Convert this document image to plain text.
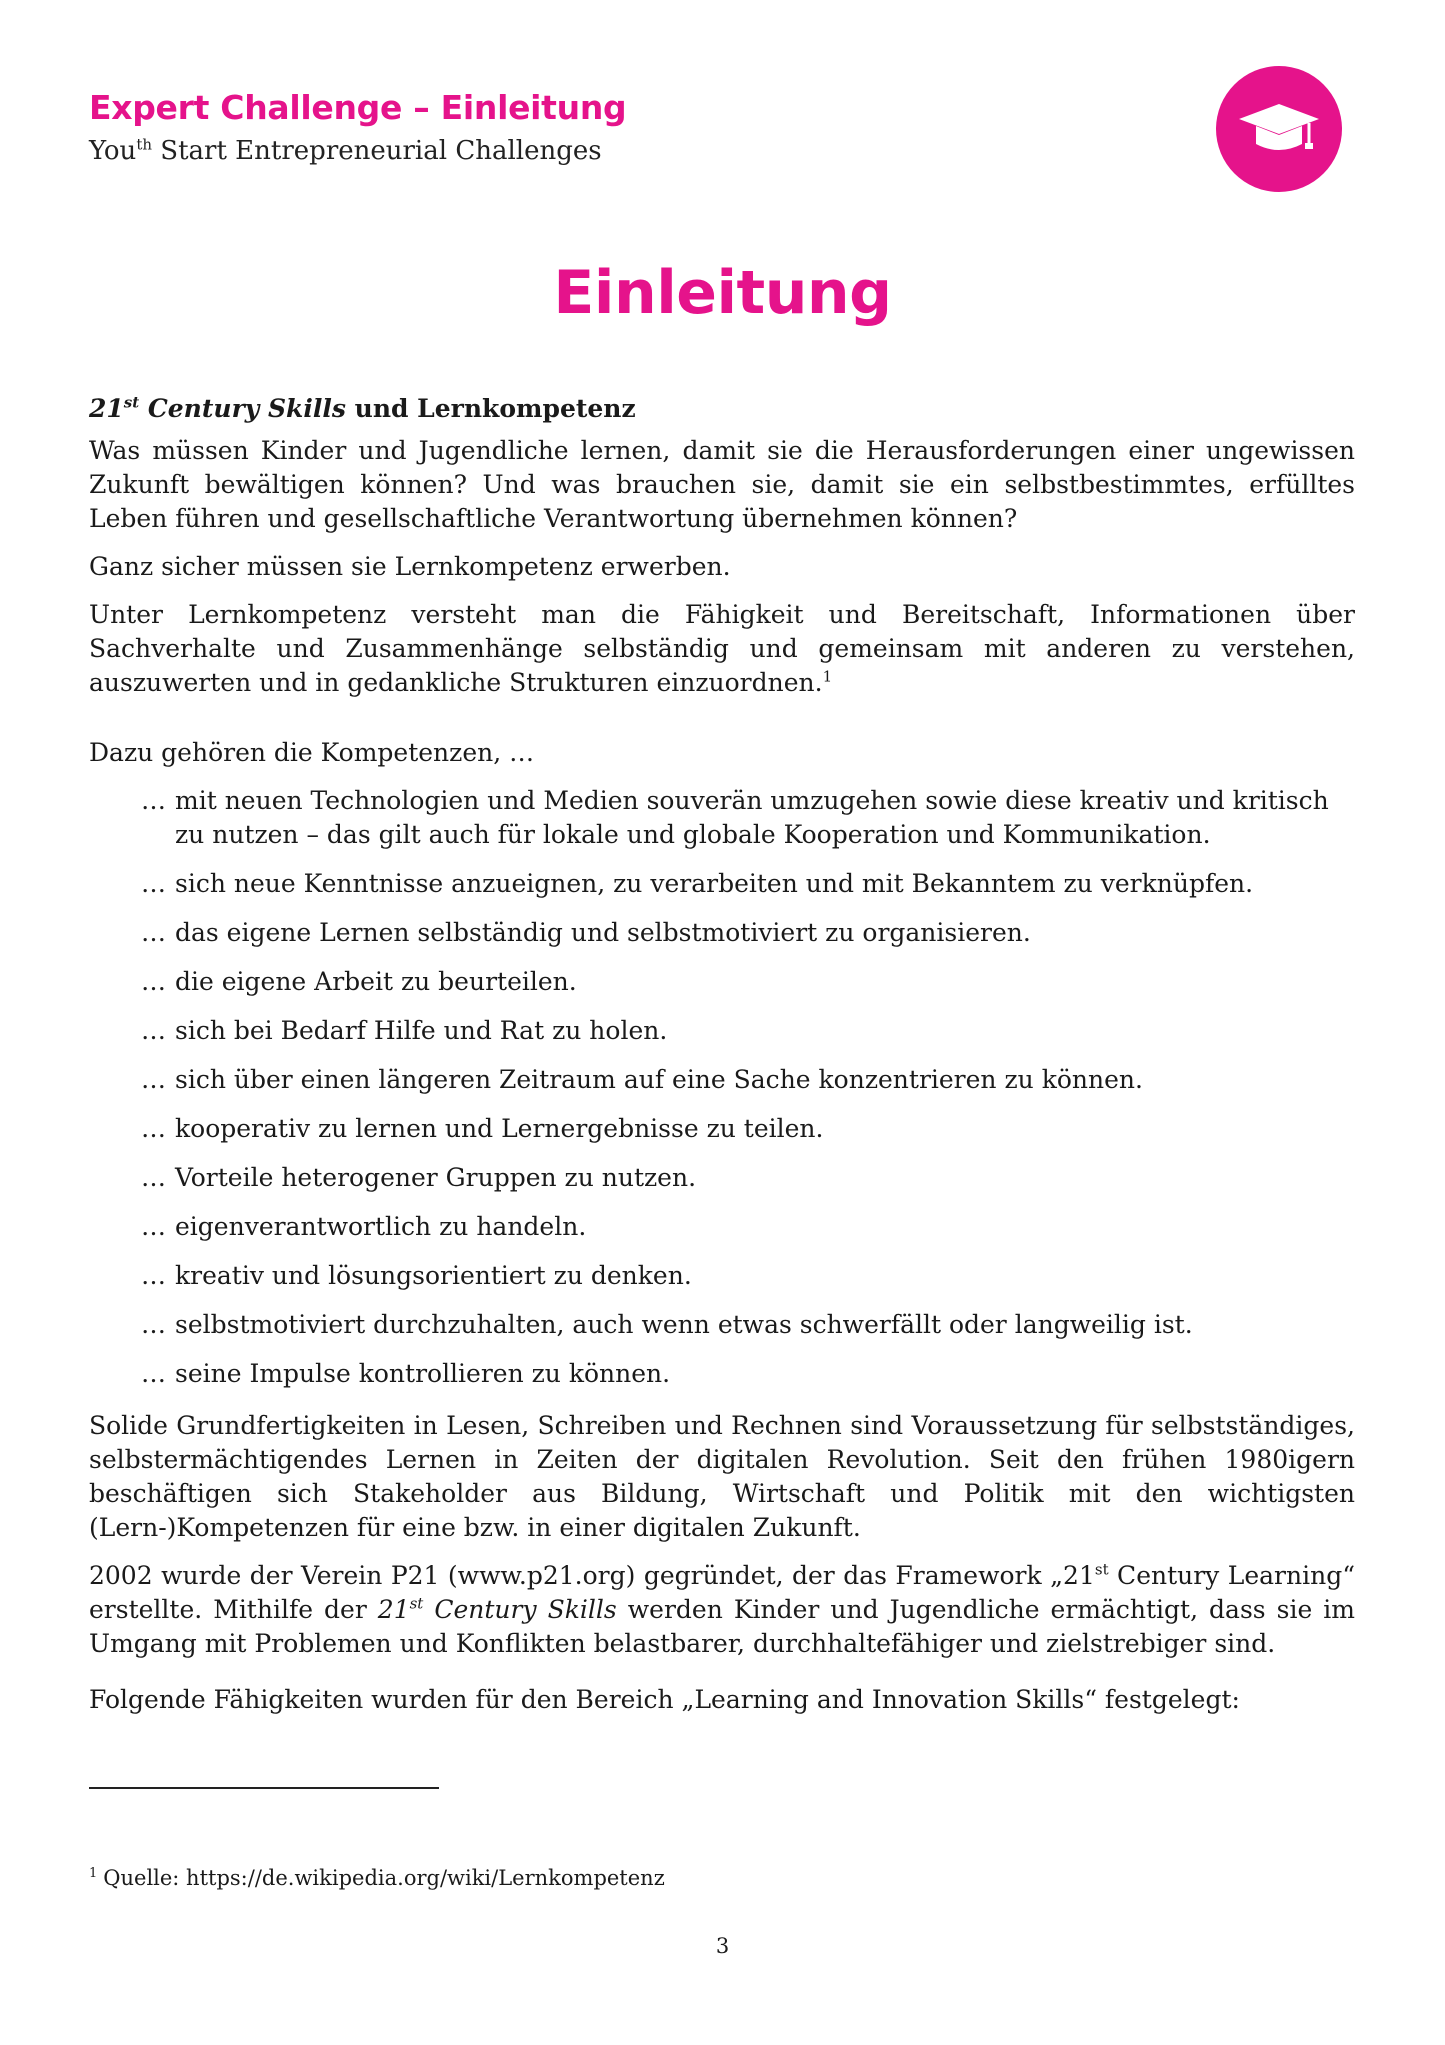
Expert Challenge – Einleitung
You$^{th}$ Start Entrepreneurial Challenges
Einleitung

21st Century Skills und Lernkompetenz

Was müssen Kinder und Jugendliche lernen, damit sie die Herausforderungen einer ungewissen Zukunft bewältigen können? Und was brauchen sie, damit sie ein selbstbestimmtes, erfülltes Leben führen und gesellschaftliche Verantwortung übernehmen können?

Ganz sicher müssen sie Lernkompetenz erwerben.

Unter Lernkompetenz versteht man die Fähigkeit und Bereitschaft, Informationen über Sachverhalte und Zusammenhänge selbständig und gemeinsam mit anderen zu verstehen, auszuwerten und in gedankliche Strukturen einzuordnen.$^1$

Dazu gehören die Kompetenzen, …

… mit neuen Technologien und Medien souverän umzugehen sowie diese kreativ und kritisch zu nutzen – das gilt auch für lokale und globale Kooperation und Kommunikation.
… sich neue Kenntnisse anzueignen, zu verarbeiten und mit Bekanntem zu verknüpfen.
… das eigene Lernen selbständig und selbstmotiviert zu organisieren.
… die eigene Arbeit zu beurteilen.
… sich bei Bedarf Hilfe und Rat zu holen.
… sich über einen längeren Zeitraum auf eine Sache konzentrieren zu können.
… kooperativ zu lernen und Lernergebnisse zu teilen.
… Vorteile heterogener Gruppen zu nutzen.
… eigenverantwortlich zu handeln.
… kreativ und lösungsorientiert zu denken.
… selbstmotiviert durchzuhalten, auch wenn etwas schwerfällt oder langweilig ist.
… seine Impulse kontrollieren zu können.

Solide Grundfertigkeiten in Lesen, Schreiben und Rechnen sind Voraussetzung für selbstständiges, selbstermächtigendes Lernen in Zeiten der digitalen Revolution. Seit den frühen 1980igern beschäftigen sich Stakeholder aus Bildung, Wirtschaft und Politik mit den wichtigsten (Lern-)Kompetenzen für eine bzw. in einer digitalen Zukunft.

2002 wurde der Verein P21 (www.p21.org) gegründet, der das Framework „21st Century Learning“ erstellte. Mithilfe der 21st Century Skills werden Kinder und Jugendliche ermächtigt, dass sie im Umgang mit Problemen und Konflikten belastbarer, durchhaltefähiger und zielstrebiger sind.

Folgende Fähigkeiten wurden für den Bereich „Learning and Innovation Skills“ festgelegt:

$^1$ Quelle: https://de.wikipedia.org/wiki/Lernkompetenz
3
